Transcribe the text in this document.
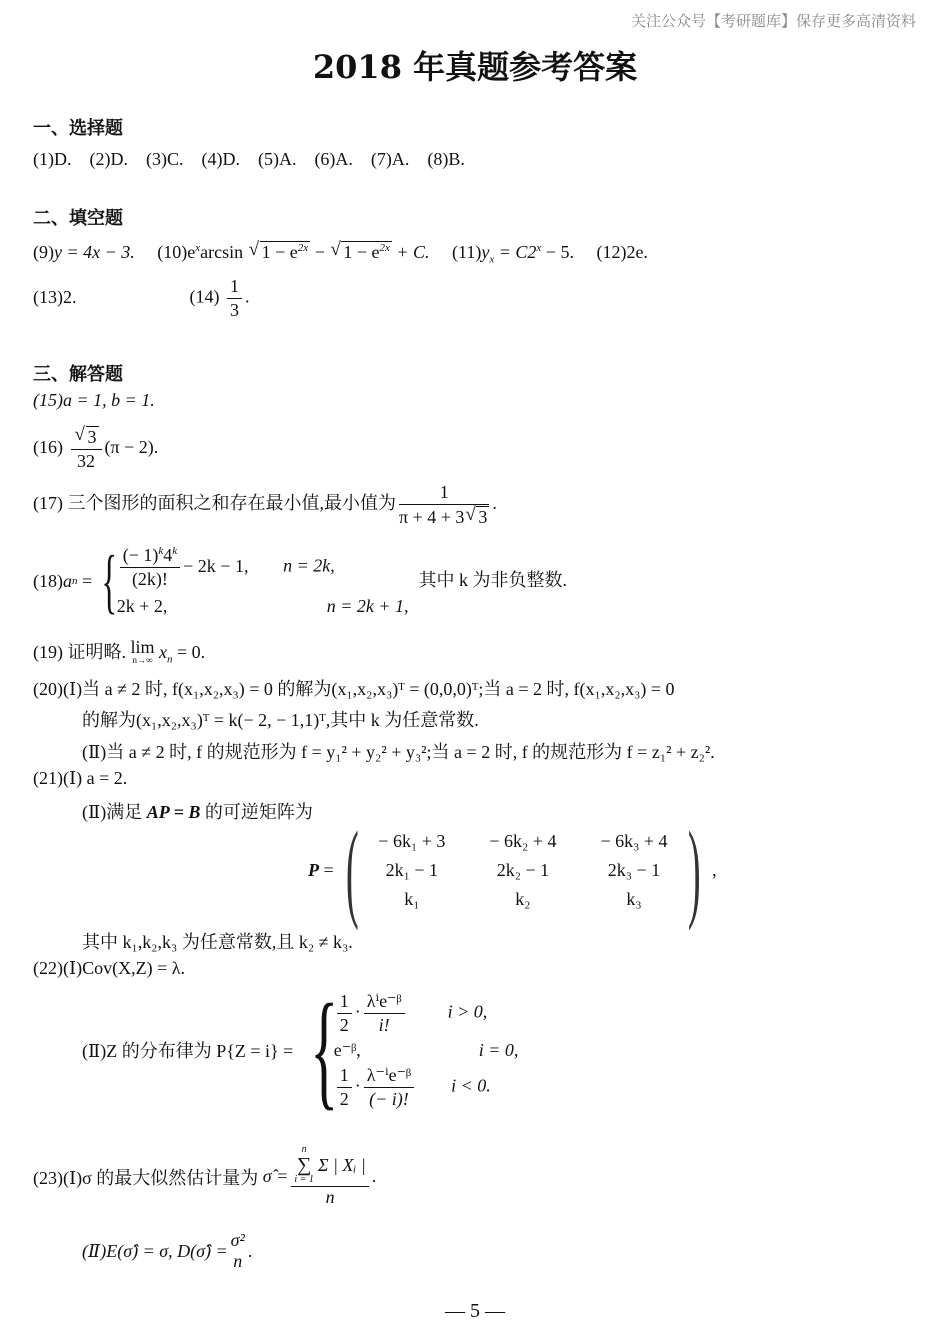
关注公众号【考研题库】保存更多高清资料
2018 年真题参考答案
一、选择题
(1)D.　(2)D.　(3)C.　(4)D.　(5)A.　(6)A.　(7)A.　(8)B.
二、填空题
(9)y = 4x − 3.  $(10)e^x\arcsin$ √ $1 - e^{2x}$ − √ $1 - e^{2x} + C$.  $(11)y_x = C2^x - 5$.  (12)2e.
(13)2.	$(14) \frac{1}{3}$ .
三、解答题
(15)a = 1, b = 1.
(16) √ $\frac{3}{32} (\pi - 2)$.
(17) 三个图形的面积之和存在最小值,最小值为 $\frac{1}{\pi + 4 + 3 √ 3}$ .
(18) a n
= { $\frac{(- 1)^k4^k}{(2k)!} - 2k - 1$, n = 2k,
2k + 2,	n = 2k + 1,
其中 k 为非负整数.
(19) 证明略. lim
n→∞ $x_n = 0$.
(20)(Ⅰ)当 a ≠ 2 时, f(x₁,x₂,x₃) = 0 的解为(x₁,x₂,x₃)ᵀ = (0,0,0)ᵀ;当 a = 2 时, f(x₁,x₂,x₃) = 0
的解为(x₁,x₂,x₃)ᵀ = k(− 2, − 1,1)ᵀ,其中 k 为任意常数.
(Ⅱ)当 a ≠ 2 时, f 的规范形为 f = y₁² + y₂² + y₃²;当 a = 2 时, f 的规范形为 f = z₁² + z₂².
(21)(Ⅰ) a = 2.
(Ⅱ)满足 AP = B 的可逆矩阵为
P
= ( − 6k₁ + 3	− 6k₂ + 4	− 6k₃ + 4
2k₁ − 1	2k₂ − 1	2k₃ − 1
k₁	k₂	k₃ ) ,
其中 k₁,k₂,k₃ 为任意常数,且 k₂ ≠ k₃.
(22)(Ⅰ)Cov(X,Z) = λ.
(Ⅱ)Z 的分布律为 P{Z = i} = {
$\frac{1}{2} \cdot \frac{\text{λⁱe⁻ᵝ}}{i!}$ i > 0,
e⁻ᵝ,	i = 0,
$\frac{1}{2} \cdot \frac{\text{λ⁻ⁱe⁻ᵝ}}{(- i)!}$ i < 0.
(23)(Ⅰ)σ 的最大似然估计量为
σ̂ = n
∑
i = 1
Σ | Xᵢ |
n .
(Ⅱ)E(σ̂) = σ, D(σ̂) =
σ²
n
.
— 5 —
